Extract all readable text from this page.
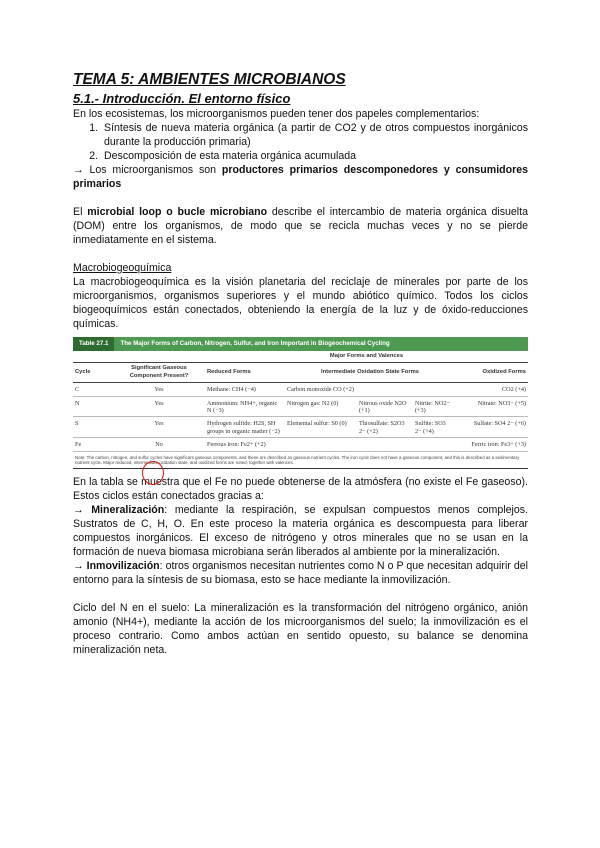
TEMA 5: AMBIENTES MICROBIANOS
5.1.- Introducción. El entorno físico

En los ecosistemas, los microorganismos pueden tener dos papeles complementarios:

1. Síntesis de nueva materia orgánica (a partir de CO2 y de otros compuestos inorgánicos durante la producción primaria)
2. Descomposición de esta materia orgánica acumulada

→ Los microorganismos son productores primarios descomponedores y consumidores primarios

El microbial loop o bucle microbiano describe el intercambio de materia orgánica disuelta (DOM) entre los organismos, de modo que se recicla muchas veces y no se pierde inmediatamente en el sistema.

Macrobiogeoquímica

La macrobiogeoquímica es la visión planetaria del reciclaje de minerales por parte de los microorganismos, organismos superiores y el mundo abiótico químico. Todos los ciclos biogeoquímicos están conectados, obteniendo la energía de la luz y de óxido-reducciones químicas.

Table 27.1	The Major Forms of Carbon, Nitrogen, Sulfur, and Iron Important in Biogeochemical Cycling
		Major Forms and Valences				
Cycle	Significant Gaseous Component Present?	Reduced Forms	Intermediate Oxidation State Forms			Oxidized Forms
C	Yes	Methane: CH4 (−4)	Carbon monoxide CO (+2)			CO2 (+4)
N	Yes	Ammonium: NH4+, organic N (−3)	Nitrogen gas: N2 (0)	Nitrous oxide N2O (+1)	Nitrite: NO2− (+3)	Nitrate: NO3− (+5)
S	Yes	Hydrogen sulfide: H2S, SH groups in organic matter (−2)	Elemental sulfur: S0 (0)	Thiosulfate: S2O3 2− (+2)	Sulfite: SO3 2− (+4)	Sulfate: SO4 2− (+6)
Fe	No	Ferrous iron: Fe2+ (+2)				Ferric iron: Fe3+ (+3)
Note: The carbon, nitrogen, and sulfur cycles have significant gaseous components, and these are described as gaseous nutrient cycles. The iron cycle does not have a gaseous component, and this is described as a sedimentary nutrient cycle. Major reduced, intermediate oxidation state, and oxidized forms are noted, together with valences.

En la tabla se muestra que el Fe no puede obtenerse de la atmósfera (no existe el Fe gaseoso). Estos ciclos están conectados gracias a:

→ Mineralización: mediante la respiración, se expulsan compuestos menos complejos. Sustratos de C, H, O. En este proceso la materia orgánica es descompuesta para liberar compuestos inorgánicos. El exceso de nitrógeno y otros minerales que no se usan en la formación de nueva biomasa microbiana serán liberados al ambiente por la mineralización.

→ Inmovilización: otros organismos necesitan nutrientes como N o P que necesitan adquirir del entorno para la síntesis de su biomasa, esto se hace mediante la inmovilización.

Ciclo del N en el suelo: La mineralización es la transformación del nitrógeno orgánico, anión amonio (NH4+), mediante la acción de los microorganismos del suelo; la inmovilización es el proceso contrario. Como ambos actúan en sentido opuesto, su balance se denomina mineralización neta.
